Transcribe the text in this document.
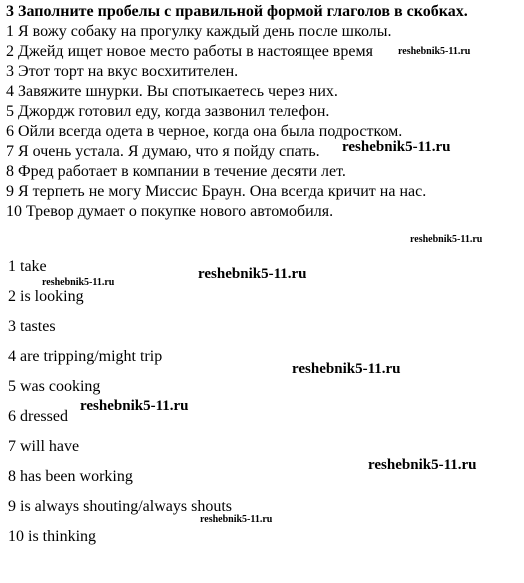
3 Заполните пробелы с правильной формой глаголов в скобках.
1 Я вожу собаку на прогулку каждый день после школы.
2 Джейд ищет новое место работы в настоящее время
3 Этот торт на вкус восхитителен.
4 Завяжите шнурки. Вы спотыкаетесь через них.
5 Джордж готовил еду, когда зазвонил телефон.
6 Ойли всегда одета в черное, когда она была подростком.
7 Я очень устала. Я думаю, что я пойду спать.
8 Фред работает в компании в течение десяти лет.
9 Я терпеть не могу Миссис Браун. Она всегда кричит на нас.
10 Тревор думает о покупке нового автомобиля.
1 take
2 is looking
3 tastes
4 are tripping/might trip
5 was cooking
6 dressed
7 will have
8 has been working
9 is always shouting/always shouts
10 is thinking
reshebnik5-11.ru
reshebnik5-11.ru
reshebnik5-11.ru
reshebnik5-11.ru
reshebnik5-11.ru
reshebnik5-11.ru
reshebnik5-11.ru
reshebnik5-11.ru
reshebnik5-11.ru
